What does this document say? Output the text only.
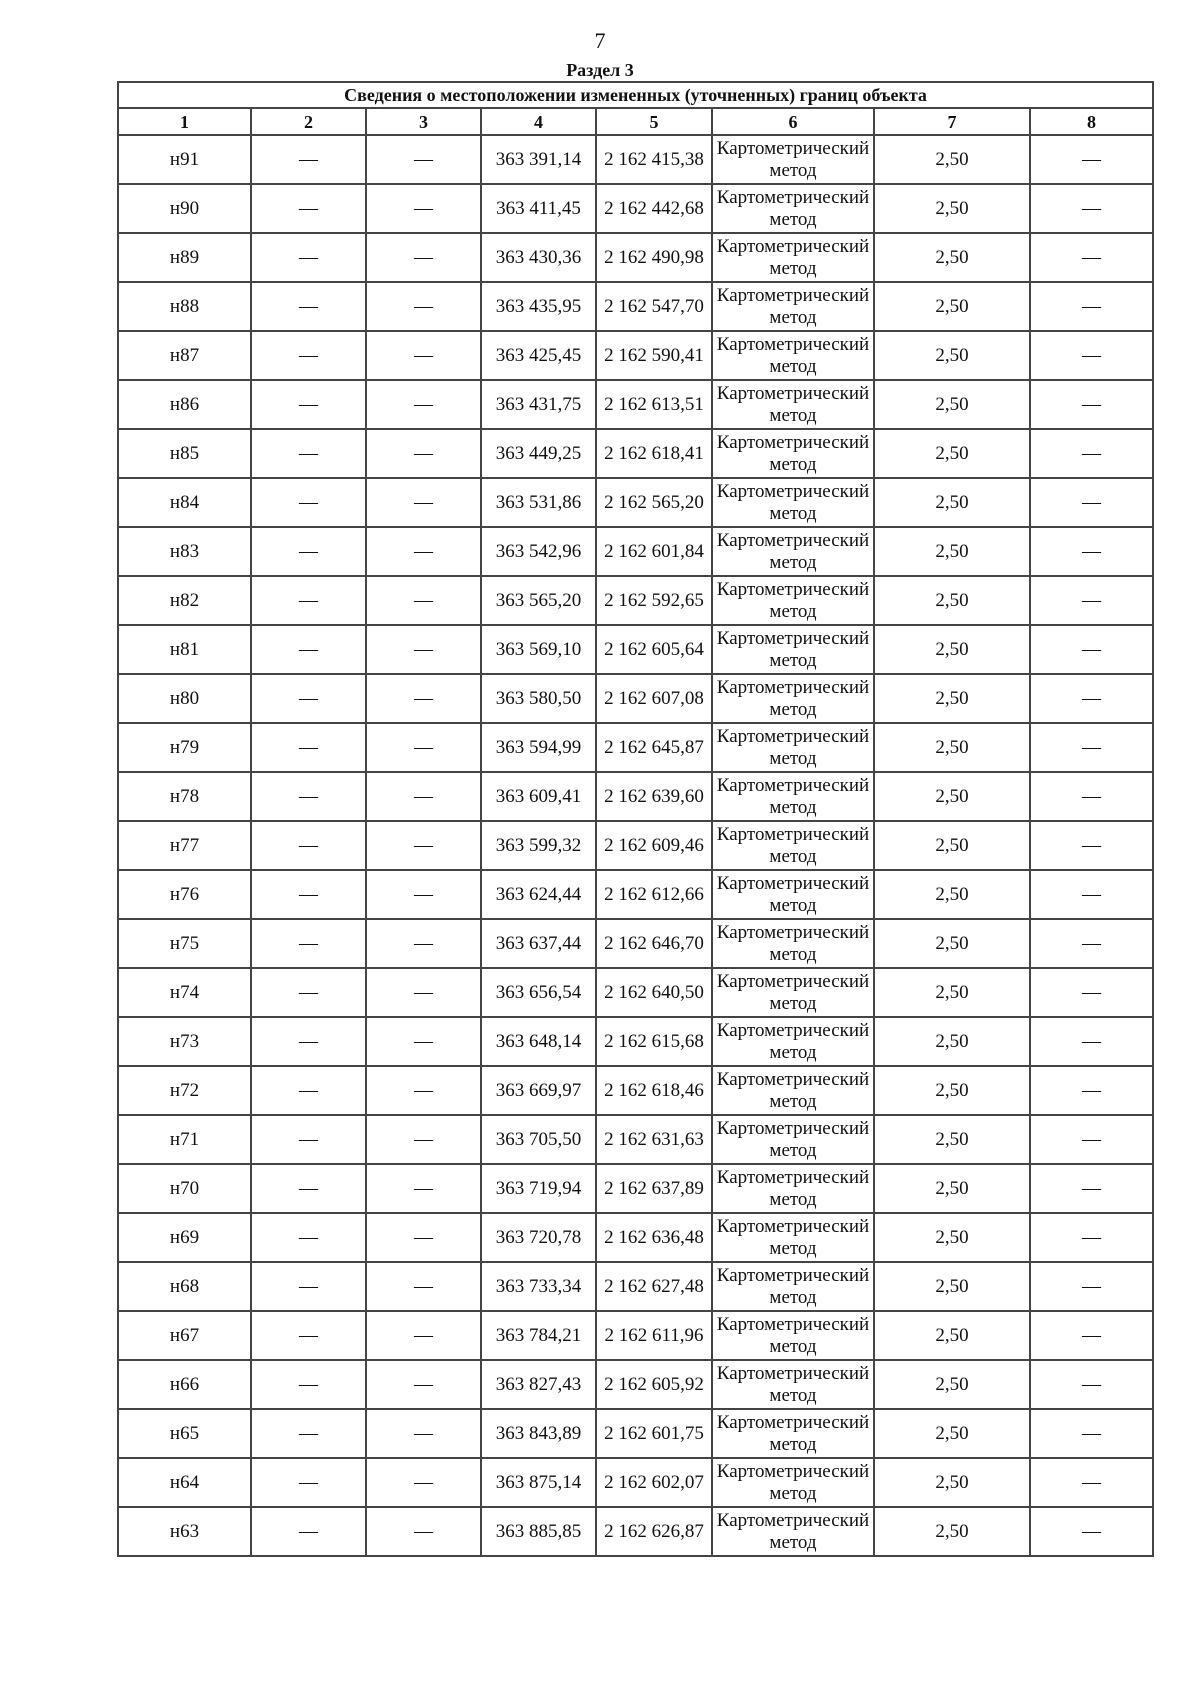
7
Раздел 3
Сведения о местоположении измененных (уточненных) границ объекта							
1	2	3	4	5	6	7	8
н91	—	—	363 391,14	2 162 415,38	Картометрический метод	2,50	—
н90	—	—	363 411,45	2 162 442,68	Картометрический метод	2,50	—
н89	—	—	363 430,36	2 162 490,98	Картометрический метод	2,50	—
н88	—	—	363 435,95	2 162 547,70	Картометрический метод	2,50	—
н87	—	—	363 425,45	2 162 590,41	Картометрический метод	2,50	—
н86	—	—	363 431,75	2 162 613,51	Картометрический метод	2,50	—
н85	—	—	363 449,25	2 162 618,41	Картометрический метод	2,50	—
н84	—	—	363 531,86	2 162 565,20	Картометрический метод	2,50	—
н83	—	—	363 542,96	2 162 601,84	Картометрический метод	2,50	—
н82	—	—	363 565,20	2 162 592,65	Картометрический метод	2,50	—
н81	—	—	363 569,10	2 162 605,64	Картометрический метод	2,50	—
н80	—	—	363 580,50	2 162 607,08	Картометрический метод	2,50	—
н79	—	—	363 594,99	2 162 645,87	Картометрический метод	2,50	—
н78	—	—	363 609,41	2 162 639,60	Картометрический метод	2,50	—
н77	—	—	363 599,32	2 162 609,46	Картометрический метод	2,50	—
н76	—	—	363 624,44	2 162 612,66	Картометрический метод	2,50	—
н75	—	—	363 637,44	2 162 646,70	Картометрический метод	2,50	—
н74	—	—	363 656,54	2 162 640,50	Картометрический метод	2,50	—
н73	—	—	363 648,14	2 162 615,68	Картометрический метод	2,50	—
н72	—	—	363 669,97	2 162 618,46	Картометрический метод	2,50	—
н71	—	—	363 705,50	2 162 631,63	Картометрический метод	2,50	—
н70	—	—	363 719,94	2 162 637,89	Картометрический метод	2,50	—
н69	—	—	363 720,78	2 162 636,48	Картометрический метод	2,50	—
н68	—	—	363 733,34	2 162 627,48	Картометрический метод	2,50	—
н67	—	—	363 784,21	2 162 611,96	Картометрический метод	2,50	—
н66	—	—	363 827,43	2 162 605,92	Картометрический метод	2,50	—
н65	—	—	363 843,89	2 162 601,75	Картометрический метод	2,50	—
н64	—	—	363 875,14	2 162 602,07	Картометрический метод	2,50	—
н63	—	—	363 885,85	2 162 626,87	Картометрический метод	2,50	—
